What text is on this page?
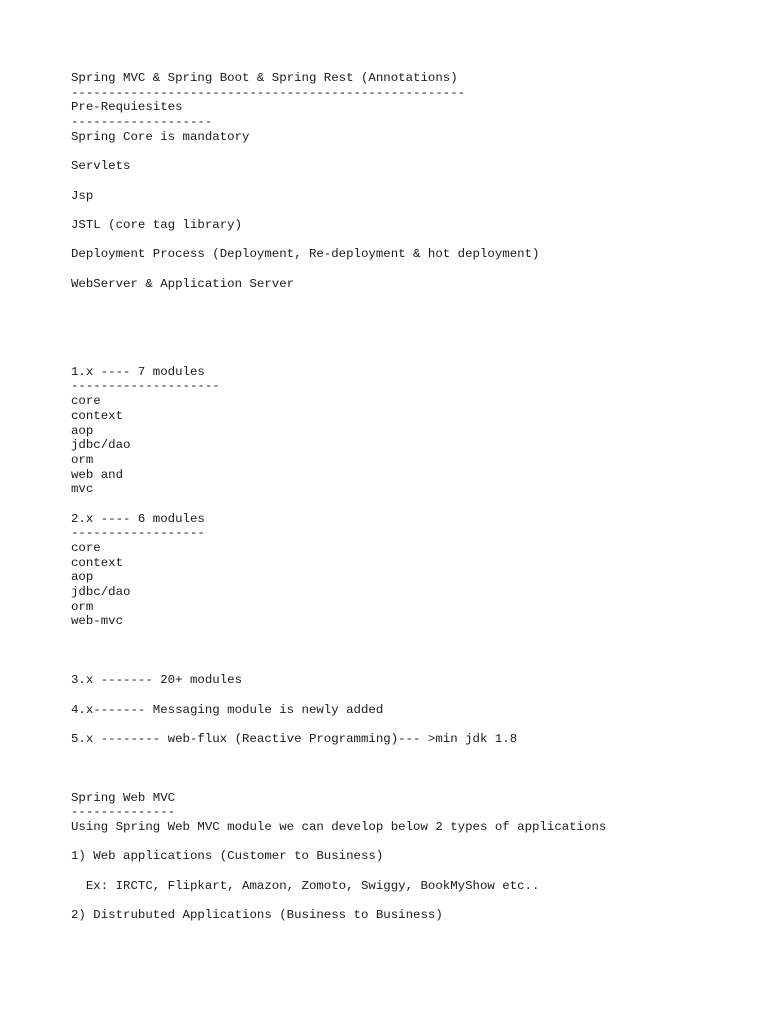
Spring MVC & Spring Boot & Spring Rest (Annotations)
-----------------------------------------------------
Pre-Requiesites
-------------------
Spring Core is mandatory
Servlets
Jsp
JSTL (core tag library)
Deployment Process (Deployment, Re-deployment & hot deployment)
WebServer & Application Server
1.x ---- 7 modules
--------------------
core
context
aop
jdbc/dao
orm
web and
mvc
2.x ---- 6 modules
------------------
core
context
aop
jdbc/dao
orm
web-mvc
3.x ------- 20+ modules
4.x------- Messaging module is newly added
5.x -------- web-flux (Reactive Programming)--- >min jdk 1.8
Spring Web MVC
--------------
Using Spring Web MVC module we can develop below 2 types of applications
1) Web applications (Customer to Business)
Ex: IRCTC, Flipkart, Amazon, Zomoto, Swiggy, BookMyShow etc..
2) Distrubuted Applications (Business to Business)
